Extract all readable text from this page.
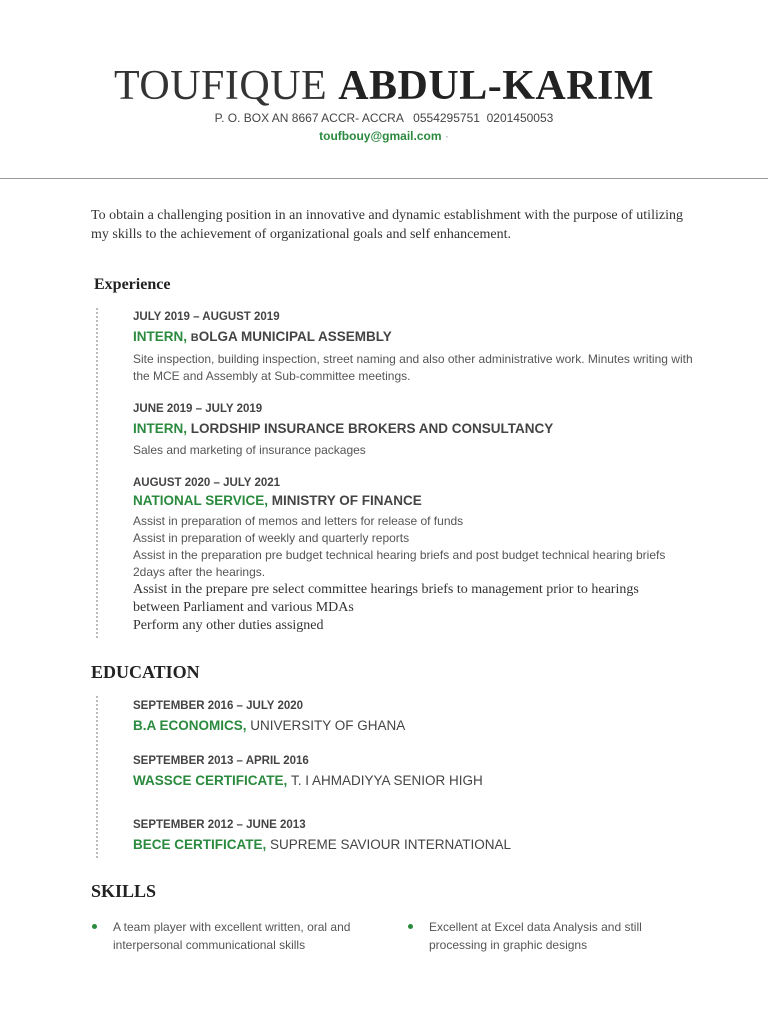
TOUFIQUE ABDUL-KARIM
P. O. BOX AN 8667 ACCR- ACCRA   0554295751  0201450053
toufbouy@gmail.com ·
To obtain a challenging position in an innovative and dynamic establishment with the purpose of utilizing my skills to the achievement of organizational goals and self enhancement.
Experience
JULY 2019 – AUGUST 2019
INTERN, BOLGA MUNICIPAL ASSEMBLY
Site inspection, building inspection, street naming and also other administrative work. Minutes writing with the MCE and Assembly at Sub-committee meetings.
JUNE 2019 – JULY 2019
INTERN, LORDSHIP INSURANCE BROKERS AND CONSULTANCY
Sales and marketing of insurance packages
AUGUST 2020 – JULY 2021
NATIONAL SERVICE, MINISTRY OF FINANCE
Assist in preparation of memos and letters for release of funds
Assist in preparation of weekly and quarterly reports
Assist in the preparation pre budget technical hearing briefs and post budget technical hearing briefs 2days after the hearings.
Assist in the prepare pre select committee hearings briefs to management prior to hearings between Parliament and various MDAs
Perform any other duties assigned
EDUCATION
SEPTEMBER 2016 – JULY 2020
B.A ECONOMICS, UNIVERSITY OF GHANA
SEPTEMBER 2013 – APRIL 2016
WASSCE CERTIFICATE, T. I AHMADIYYA SENIOR HIGH
SEPTEMBER 2012 – JUNE 2013
BECE CERTIFICATE, SUPREME SAVIOUR INTERNATIONAL
SKILLS
A team player with excellent written, oral and interpersonal communicational skills
Excellent at Excel data Analysis and still processing in graphic designs
